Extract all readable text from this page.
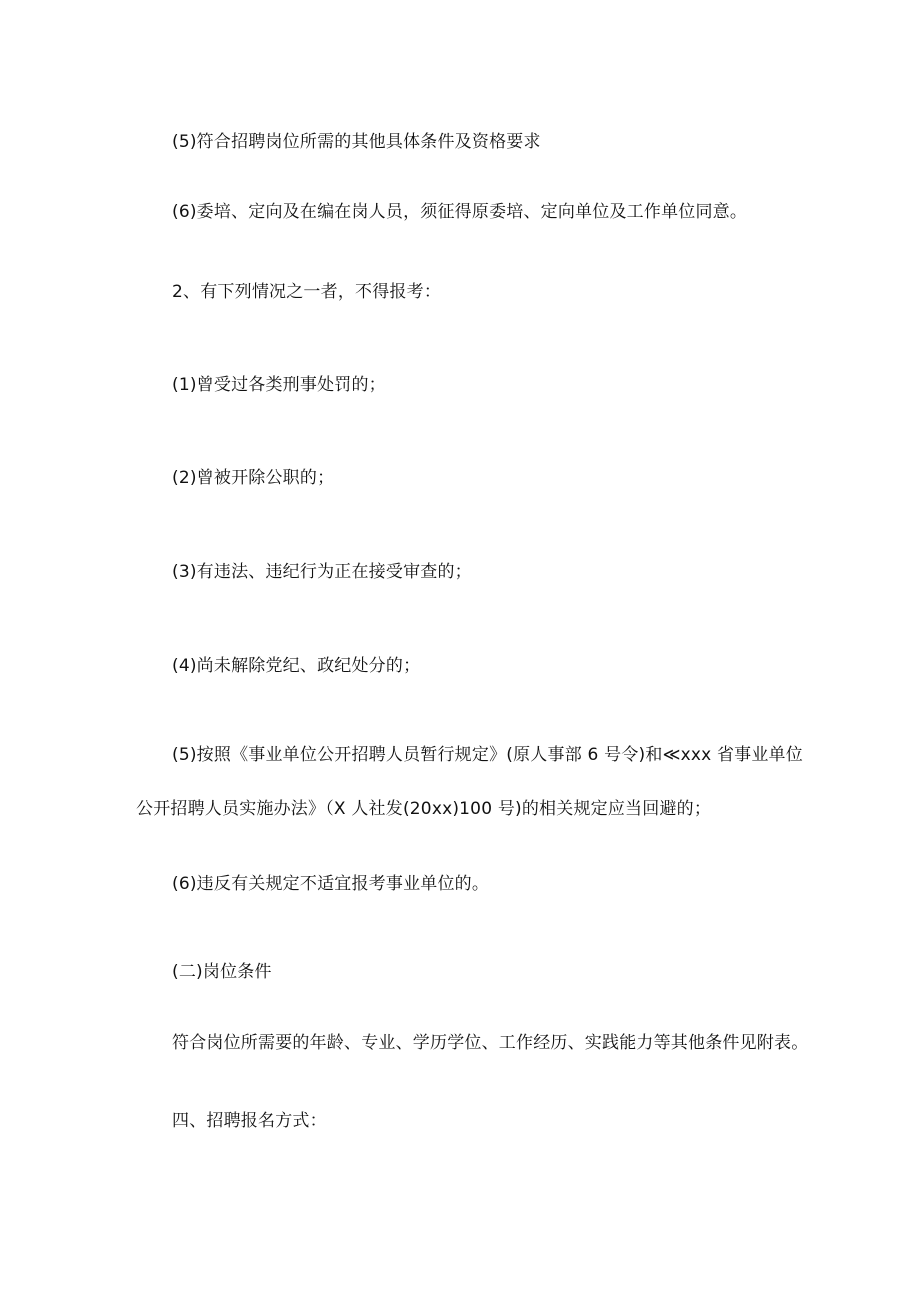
(5)符合招聘岗位所需的其他具体条件及资格要求
(6)委培、定向及在编在岗人员，须征得原委培、定向单位及工作单位同意。
2、有下列情况之一者，不得报考：
(1)曾受过各类刑事处罚的；
(2)曾被开除公职的；
(3)有违法、违纪行为正在接受审查的；
(4)尚未解除党纪、政纪处分的；
(5)按照《事业单位公开招聘人员暂行规定》(原人事部 6 号令)和≪xxx 省事业单位
公开招聘人员实施办法》（X 人社发(20xx)100 号)的相关规定应当回避的；
(6)违反有关规定不适宜报考事业单位的。
(二)岗位条件
符合岗位所需要的年龄、专业、学历学位、工作经历、实践能力等其他条件见附表。
四、招聘报名方式：
